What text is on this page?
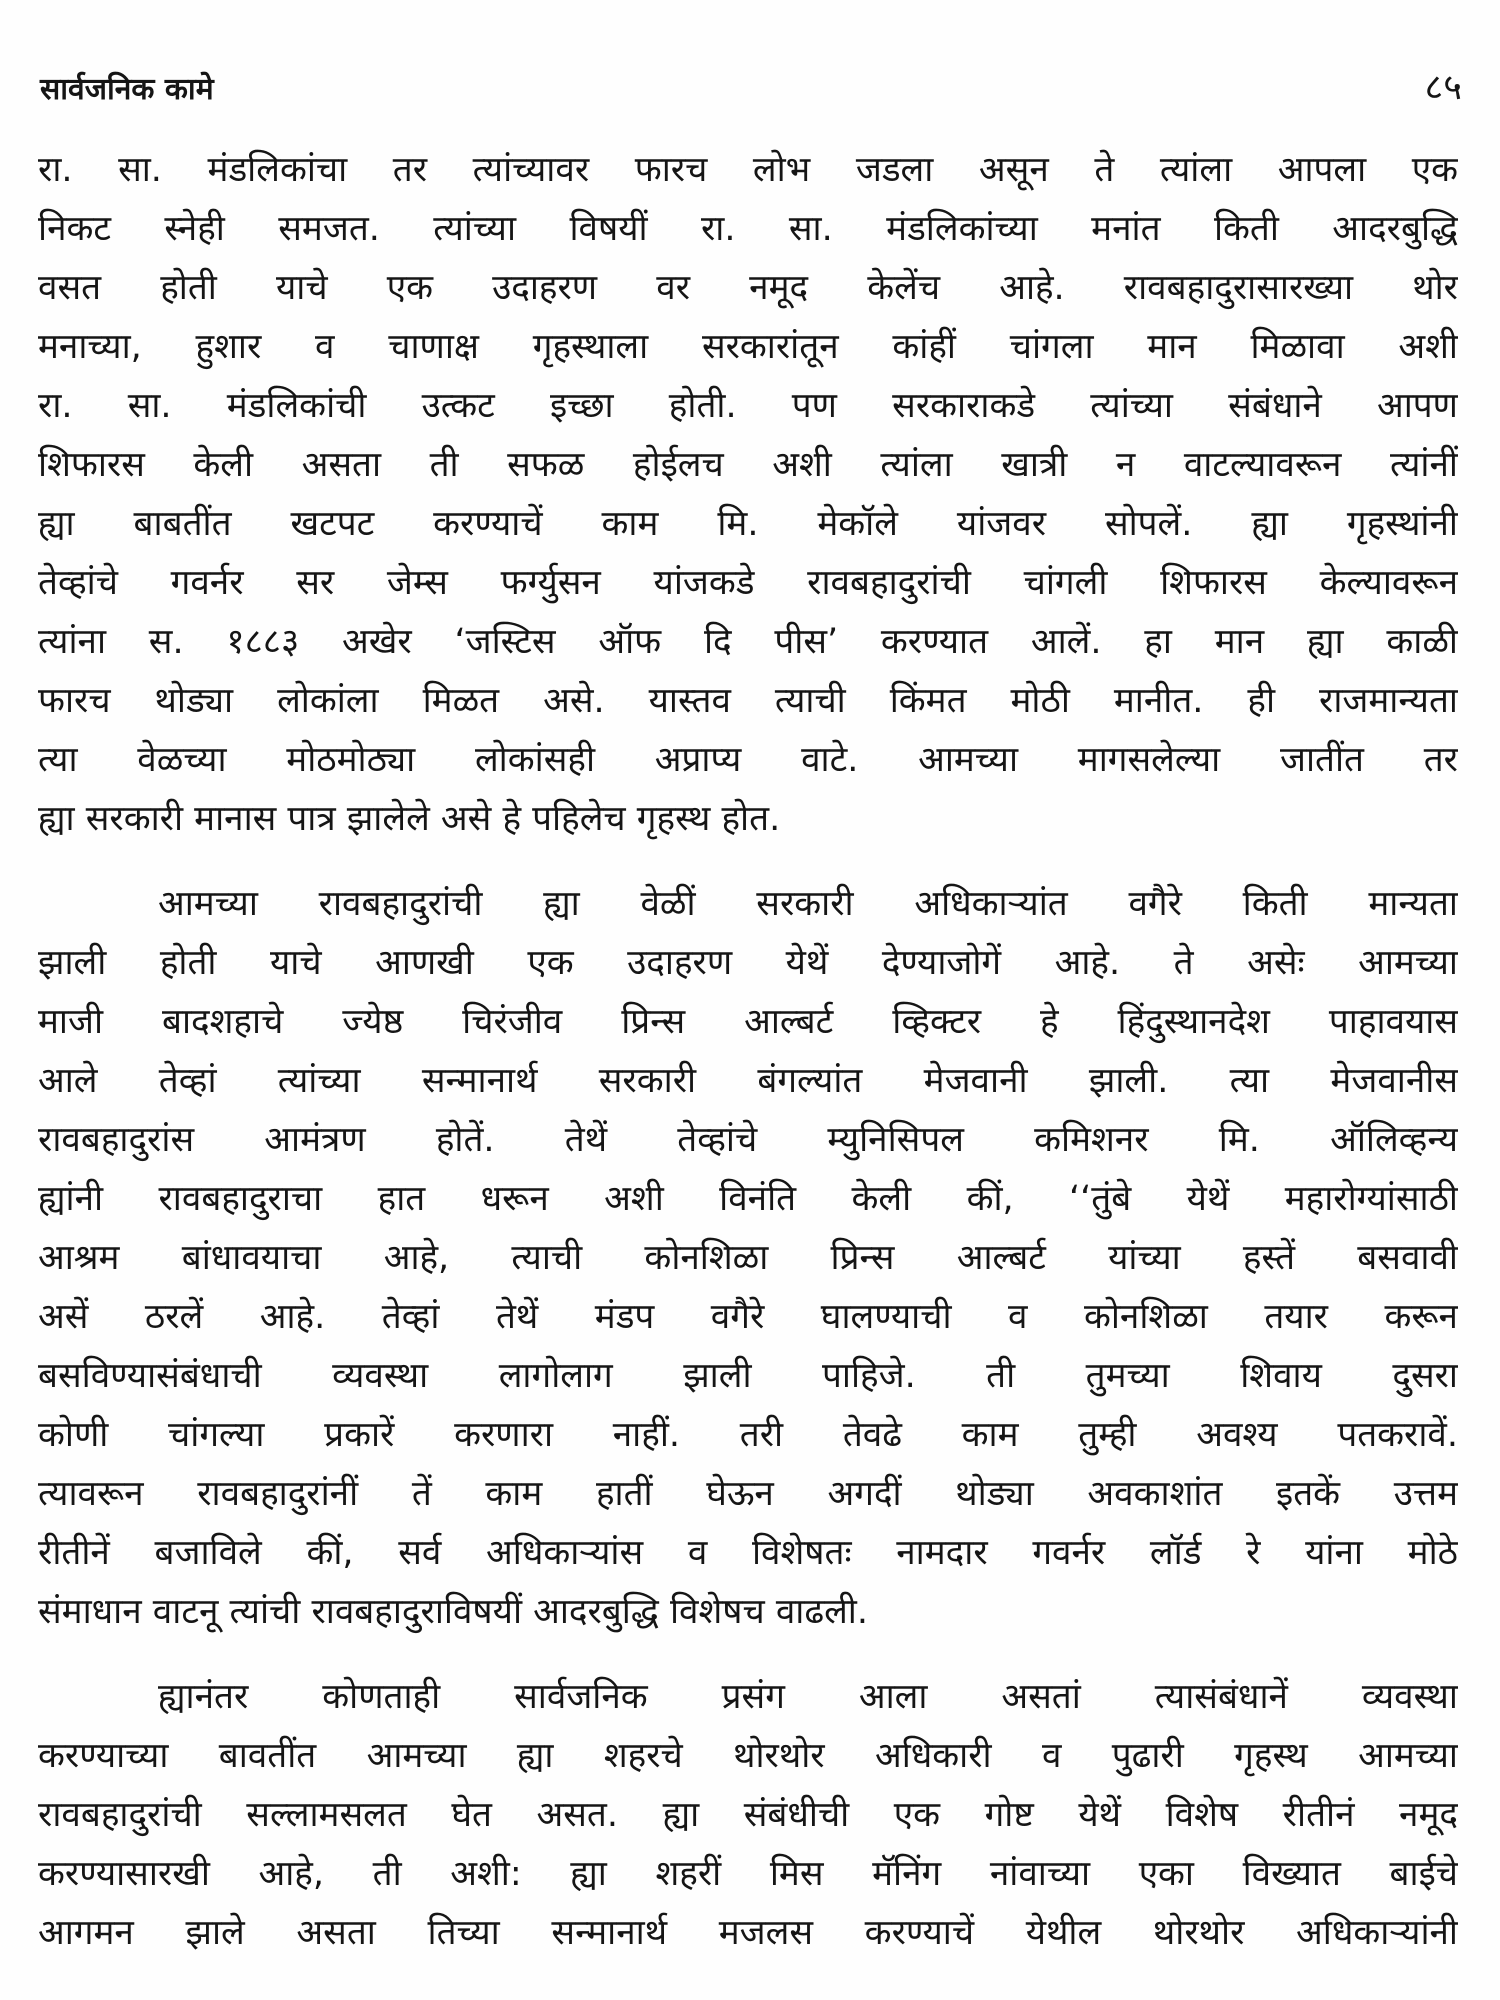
सार्वजनिक कामे	८५
रा. सा. मंडलिकांचा तर त्यांच्यावर फारच लोभ जडला असून ते त्यांला आपला एक
निकट स्नेही समजत. त्यांच्या विषयीं रा. सा. मंडलिकांच्या मनांत किती आदरबुद्धि
वसत होती याचे एक उदाहरण वर नमूद केलेंच आहे. रावबहादुरासारख्या थोर
मनाच्या, हुशार व चाणाक्ष गृहस्थाला सरकारांतून कांहीं चांगला मान मिळावा अशी
रा. सा. मंडलिकांची उत्कट इच्छा होती. पण सरकाराकडे त्यांच्या संबंधाने आपण
शिफारस केली असता ती सफळ होईलच अशी त्यांला खात्री न वाटल्यावरून त्यांनीं
ह्या बाबतींत खटपट करण्याचें काम मि. मेकॉले यांजवर सोपलें. ह्या गृहस्थांनी
तेव्हांचे गवर्नर सर जेम्स फर्ग्युसन यांजकडे रावबहादुरांची चांगली शिफारस केल्यावरून
त्यांना स. १८८३ अखेर ‘जस्टिस ऑफ दि पीस’ करण्यात आलें. हा मान ह्या काळी
फारच थोड्या लोकांला मिळत असे. यास्तव त्याची किंमत मोठी मानीत. ही राजमान्यता
त्या वेळच्या मोठमोठ्या लोकांसही अप्राप्य वाटे. आमच्या मागसलेल्या जातींत तर
ह्या सरकारी मानास पात्र झालेले असे हे पहिलेच गृहस्थ होत.
आमच्या रावबहादुरांची ह्या वेळीं सरकारी अधिकाऱ्यांत वगैरे किती मान्यता
झाली होती याचे आणखी एक उदाहरण येथें देण्याजोगें आहे. ते असेः आमच्या
माजी बादशहाचे ज्येष्ठ चिरंजीव प्रिन्स आल्बर्ट व्हिक्टर हे हिंदुस्थानदेश पाहावयास
आले तेव्हां त्यांच्या सन्मानार्थ सरकारी बंगल्यांत मेजवानी झाली. त्या मेजवानीस
रावबहादुरांस आमंत्रण होतें. तेथें तेव्हांचे म्युनिसिपल कमिशनर मि. ऑलिव्हन्य
ह्यांनी रावबहादुराचा हात धरून अशी विनंति केली कीं, ‘‘तुंबे येथें महारोग्यांसाठी
आश्रम बांधावयाचा आहे, त्याची कोनशिळा प्रिन्स आल्बर्ट यांच्या हस्तें बसवावी
असें ठरलें आहे. तेव्हां तेथें मंडप वगैरे घालण्याची व कोनशिळा तयार करून
बसविण्यासंबंधाची व्यवस्था लागोलाग झाली पाहिजे. ती तुमच्या शिवाय दुसरा
कोणी चांगल्या प्रकारें करणारा नाहीं. तरी तेवढे काम तुम्ही अवश्य पतकरावें.
त्यावरून रावबहादुरांनीं तें काम हातीं घेऊन अगदीं थोड्या अवकाशांत इतकें उत्तम
रीतीनें बजाविले कीं, सर्व अधिकाऱ्यांस व विशेषतः नामदार गवर्नर लॉर्ड रे यांना मोठे
संमाधान वाटनू त्यांची रावबहादुराविषयीं आदरबुद्धि विशेषच वाढली.
ह्यानंतर कोणताही सार्वजनिक प्रसंग आला असतां त्यासंबंधानें व्यवस्था
करण्याच्या बावतींत आमच्या ह्या शहरचे थोरथोर अधिकारी व पुढारी गृहस्थ आमच्या
रावबहादुरांची सल्लामसलत घेत असत. ह्या संबंधीची एक गोष्ट येथें विशेष रीतीनं नमूद
करण्यासारखी आहे, ती अशी: ह्या शहरीं मिस मॅनिंग नांवाच्या एका विख्यात बाईचे
आगमन झाले असता तिच्या सन्मानार्थ मजलस करण्याचें येथील थोरथोर अधिकाऱ्यांनी
